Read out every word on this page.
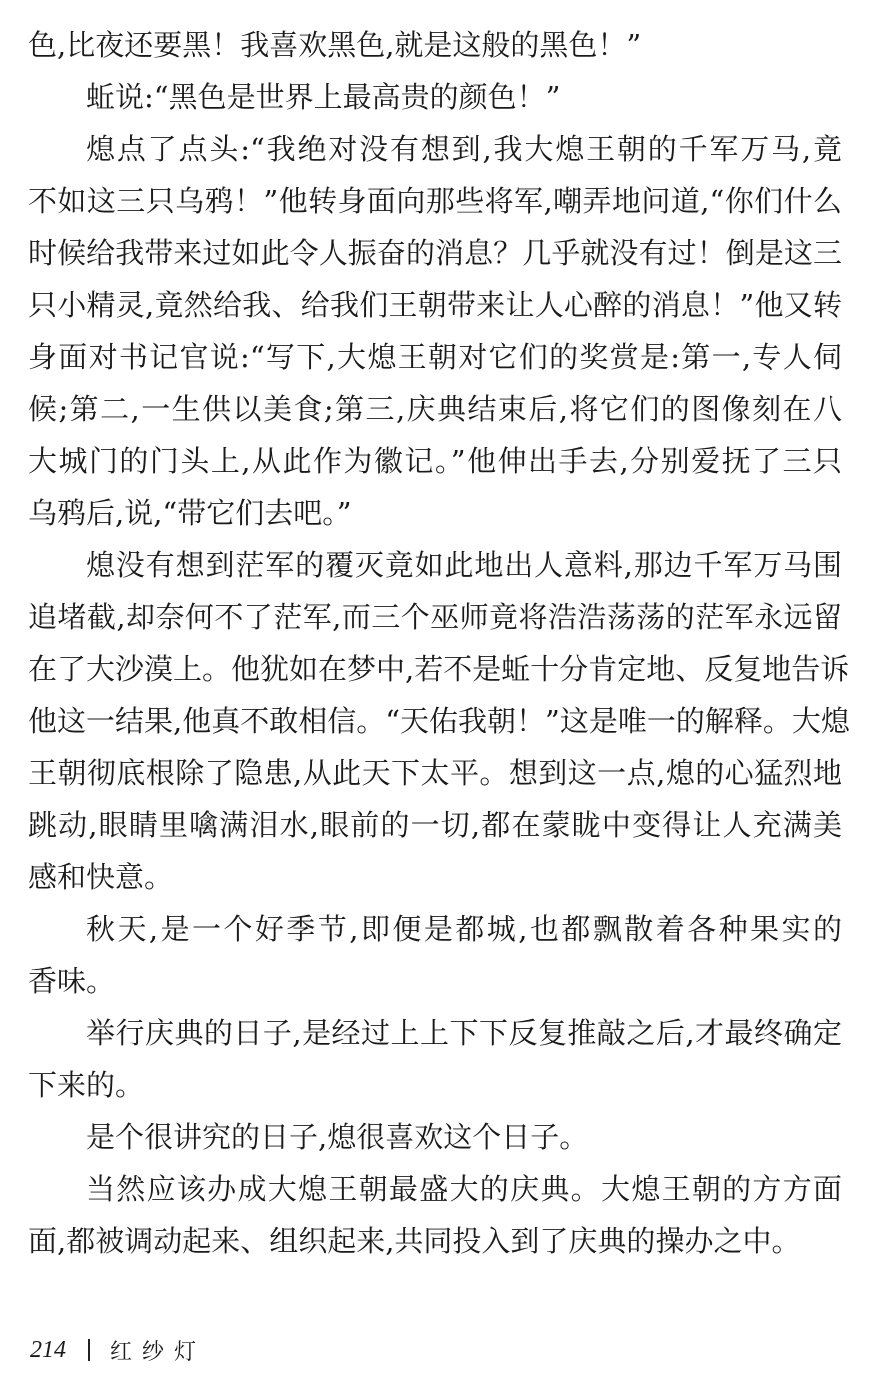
色,比夜还要黑！我喜欢黑色,就是这般的黑色！”
蚯说:“黑色是世界上最高贵的颜色！”
熄点了点头:“我绝对没有想到,我大熄王朝的千军万马,竟
不如这三只乌鸦！”他转身面向那些将军,嘲弄地问道,“你们什么
时候给我带来过如此令人振奋的消息？几乎就没有过！倒是这三
只小精灵,竟然给我、给我们王朝带来让人心醉的消息！”他又转
身面对书记官说:“写下,大熄王朝对它们的奖赏是:第一,专人伺
候;第二,一生供以美食;第三,庆典结束后,将它们的图像刻在八
大城门的门头上,从此作为徽记。”他伸出手去,分别爱抚了三只
乌鸦后,说,“带它们去吧。”
熄没有想到茫军的覆灭竟如此地出人意料,那边千军万马围
追堵截,却奈何不了茫军,而三个巫师竟将浩浩荡荡的茫军永远留
在了大沙漠上。他犹如在梦中,若不是蚯十分肯定地、反复地告诉
他这一结果,他真不敢相信。“天佑我朝！”这是唯一的解释。大熄
王朝彻底根除了隐患,从此天下太平。想到这一点,熄的心猛烈地
跳动,眼睛里噙满泪水,眼前的一切,都在蒙眬中变得让人充满美
感和快意。
秋天,是一个好季节,即便是都城,也都飘散着各种果实的
香味。
举行庆典的日子,是经过上上下下反复推敲之后,才最终确定
下来的。
是个很讲究的日子,熄很喜欢这个日子。
当然应该办成大熄王朝最盛大的庆典。大熄王朝的方方面
面,都被调动起来、组织起来,共同投入到了庆典的操办之中。
214 红纱灯
